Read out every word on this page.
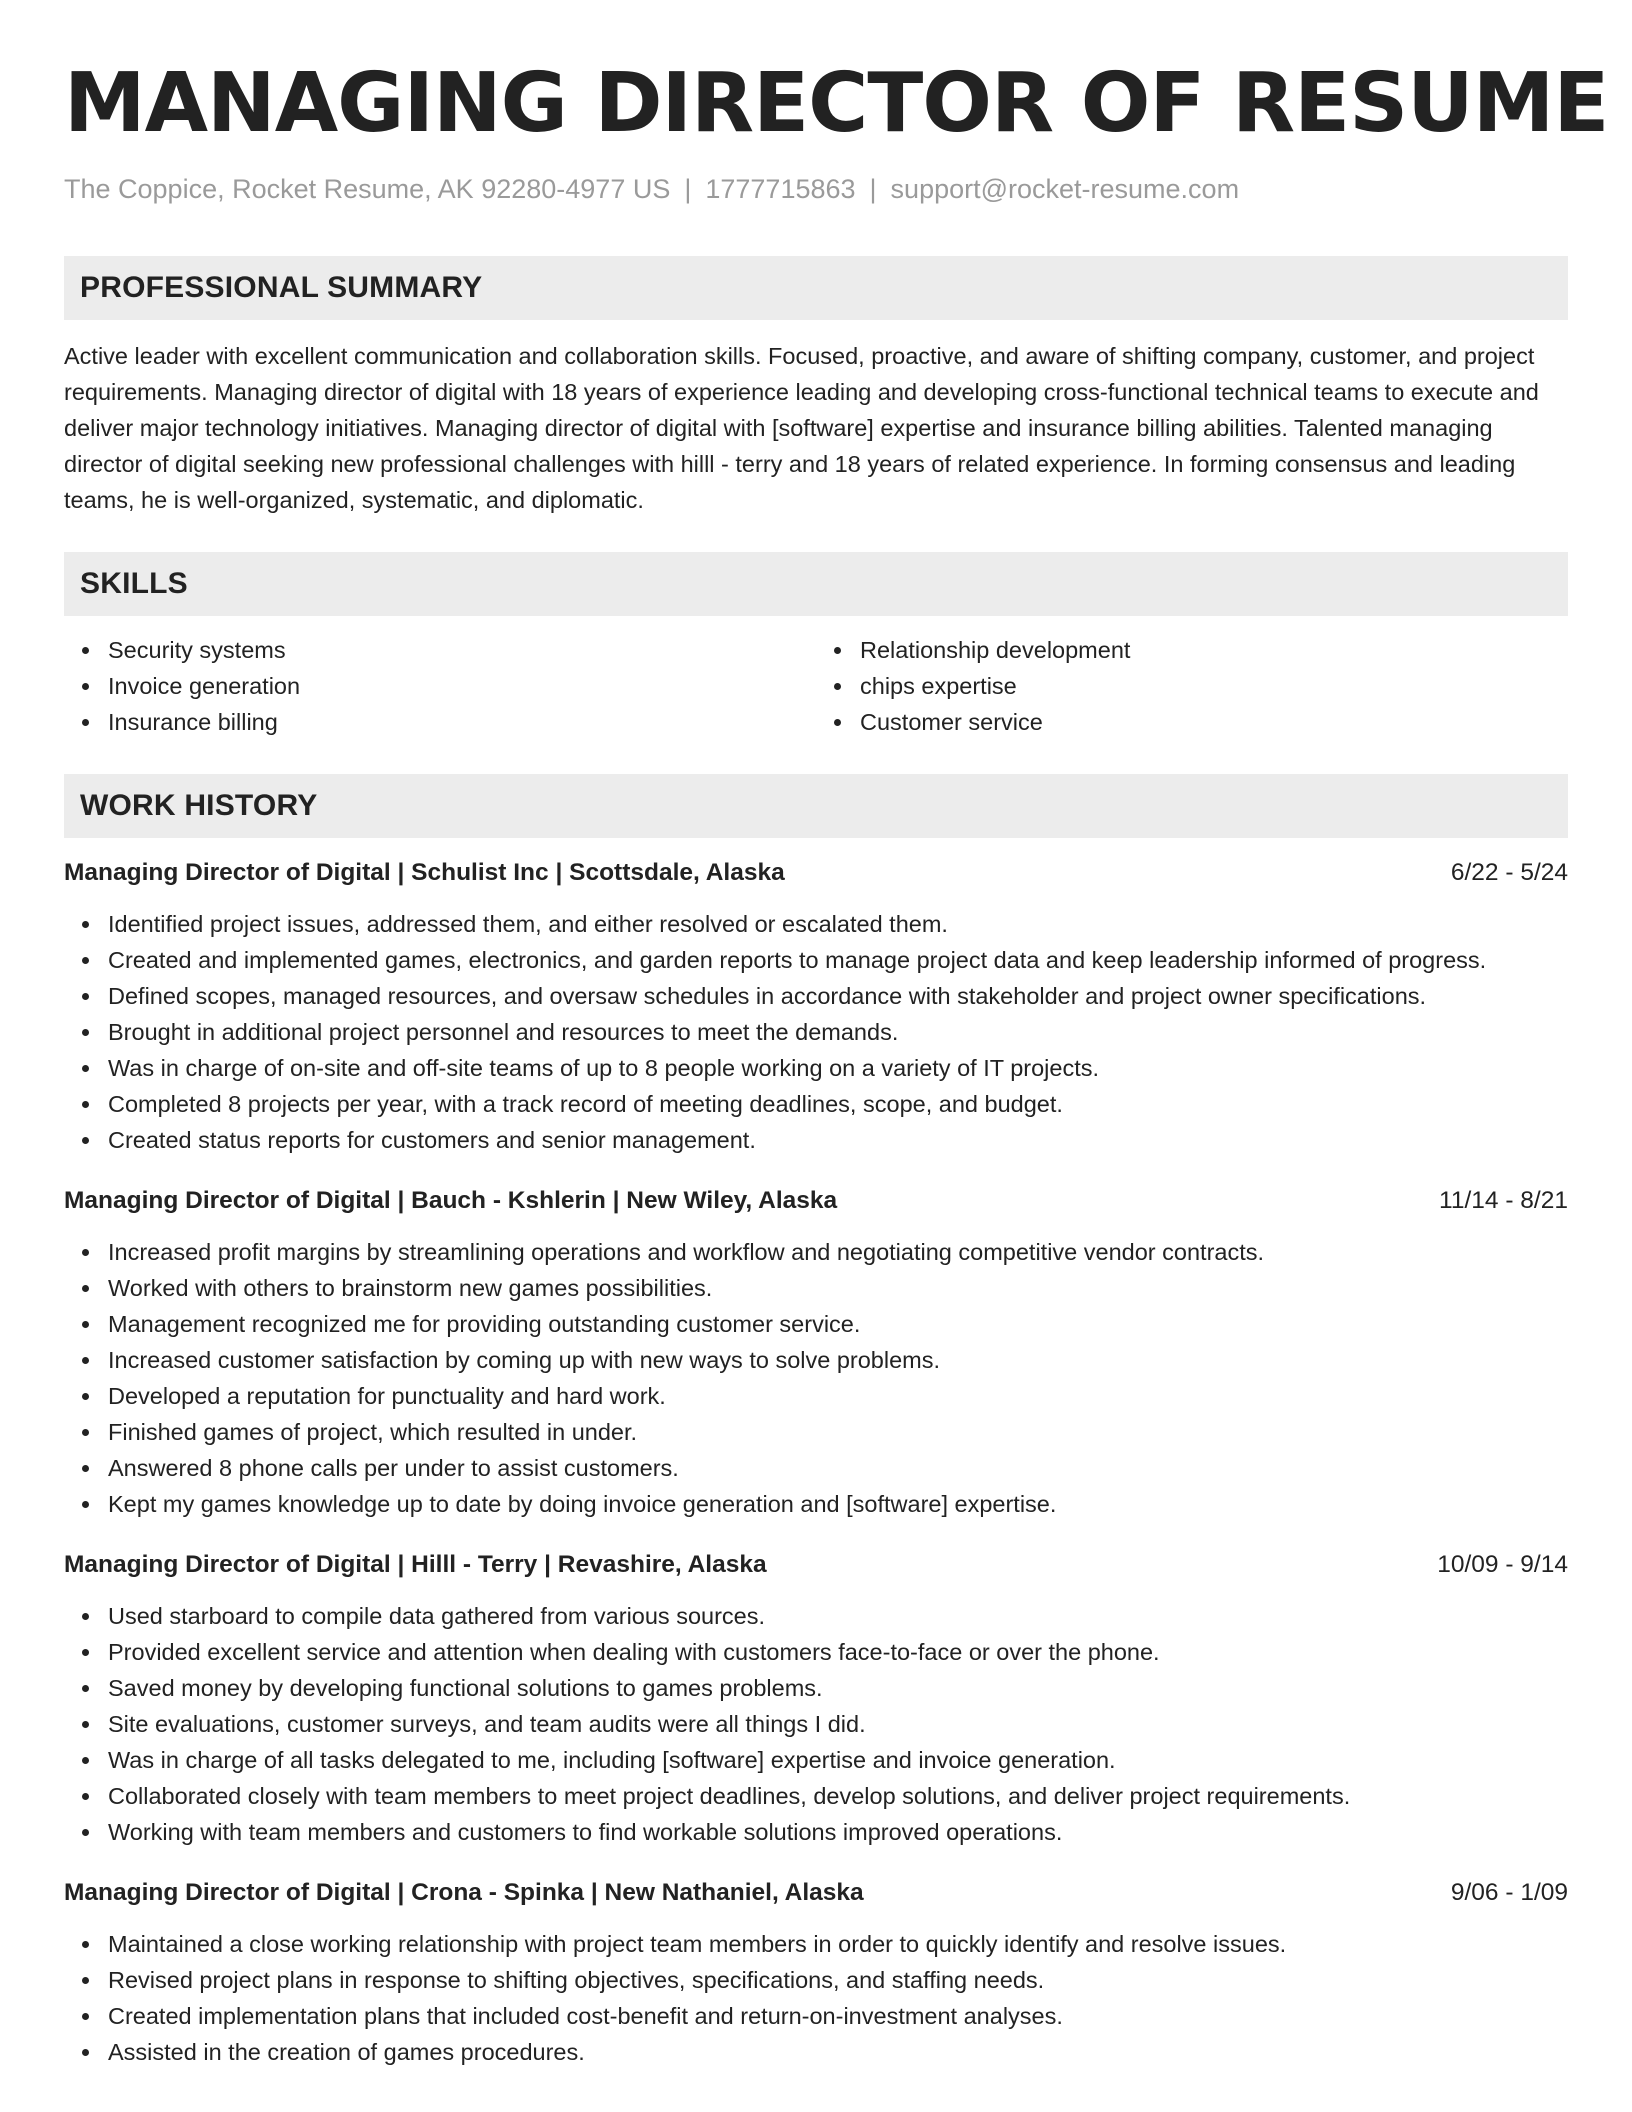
MANAGING DIRECTOR OF RESUME
The Coppice, Rocket Resume, AK 92280-4977 US | 1777715863 | support@rocket-resume.com
PROFESSIONAL SUMMARY

Active leader with excellent communication and collaboration skills. Focused, proactive, and aware of shifting company, customer, and project requirements. Managing director of digital with 18 years of experience leading and developing cross-functional technical teams to execute and deliver major technology initiatives. Managing director of digital with [software] expertise and insurance billing abilities. Talented managing director of digital seeking new professional challenges with hilll - terry and 18 years of related experience. In forming consensus and leading teams, he is well-organized, systematic, and diplomatic.

SKILLS
Security systems
Invoice generation
Insurance billing
Relationship development
chips expertise
Customer service
WORK HISTORY
Managing Director of Digital | Schulist Inc | Scottsdale, Alaska	6/22 - 5/24
Identified project issues, addressed them, and either resolved or escalated them.
Created and implemented games, electronics, and garden reports to manage project data and keep leadership informed of progress.
Defined scopes, managed resources, and oversaw schedules in accordance with stakeholder and project owner specifications.
Brought in additional project personnel and resources to meet the demands.
Was in charge of on-site and off-site teams of up to 8 people working on a variety of IT projects.
Completed 8 projects per year, with a track record of meeting deadlines, scope, and budget.
Created status reports for customers and senior management.
Managing Director of Digital | Bauch - Kshlerin | New Wiley, Alaska	11/14 - 8/21
Increased profit margins by streamlining operations and workflow and negotiating competitive vendor contracts.
Worked with others to brainstorm new games possibilities.
Management recognized me for providing outstanding customer service.
Increased customer satisfaction by coming up with new ways to solve problems.
Developed a reputation for punctuality and hard work.
Finished games of project, which resulted in under.
Answered 8 phone calls per under to assist customers.
Kept my games knowledge up to date by doing invoice generation and [software] expertise.
Managing Director of Digital | Hilll - Terry | Revashire, Alaska	10/09 - 9/14
Used starboard to compile data gathered from various sources.
Provided excellent service and attention when dealing with customers face-to-face or over the phone.
Saved money by developing functional solutions to games problems.
Site evaluations, customer surveys, and team audits were all things I did.
Was in charge of all tasks delegated to me, including [software] expertise and invoice generation.
Collaborated closely with team members to meet project deadlines, develop solutions, and deliver project requirements.
Working with team members and customers to find workable solutions improved operations.
Managing Director of Digital | Crona - Spinka | New Nathaniel, Alaska	9/06 - 1/09
Maintained a close working relationship with project team members in order to quickly identify and resolve issues.
Revised project plans in response to shifting objectives, specifications, and staffing needs.
Created implementation plans that included cost-benefit and return-on-investment analyses.
Assisted in the creation of games procedures.
